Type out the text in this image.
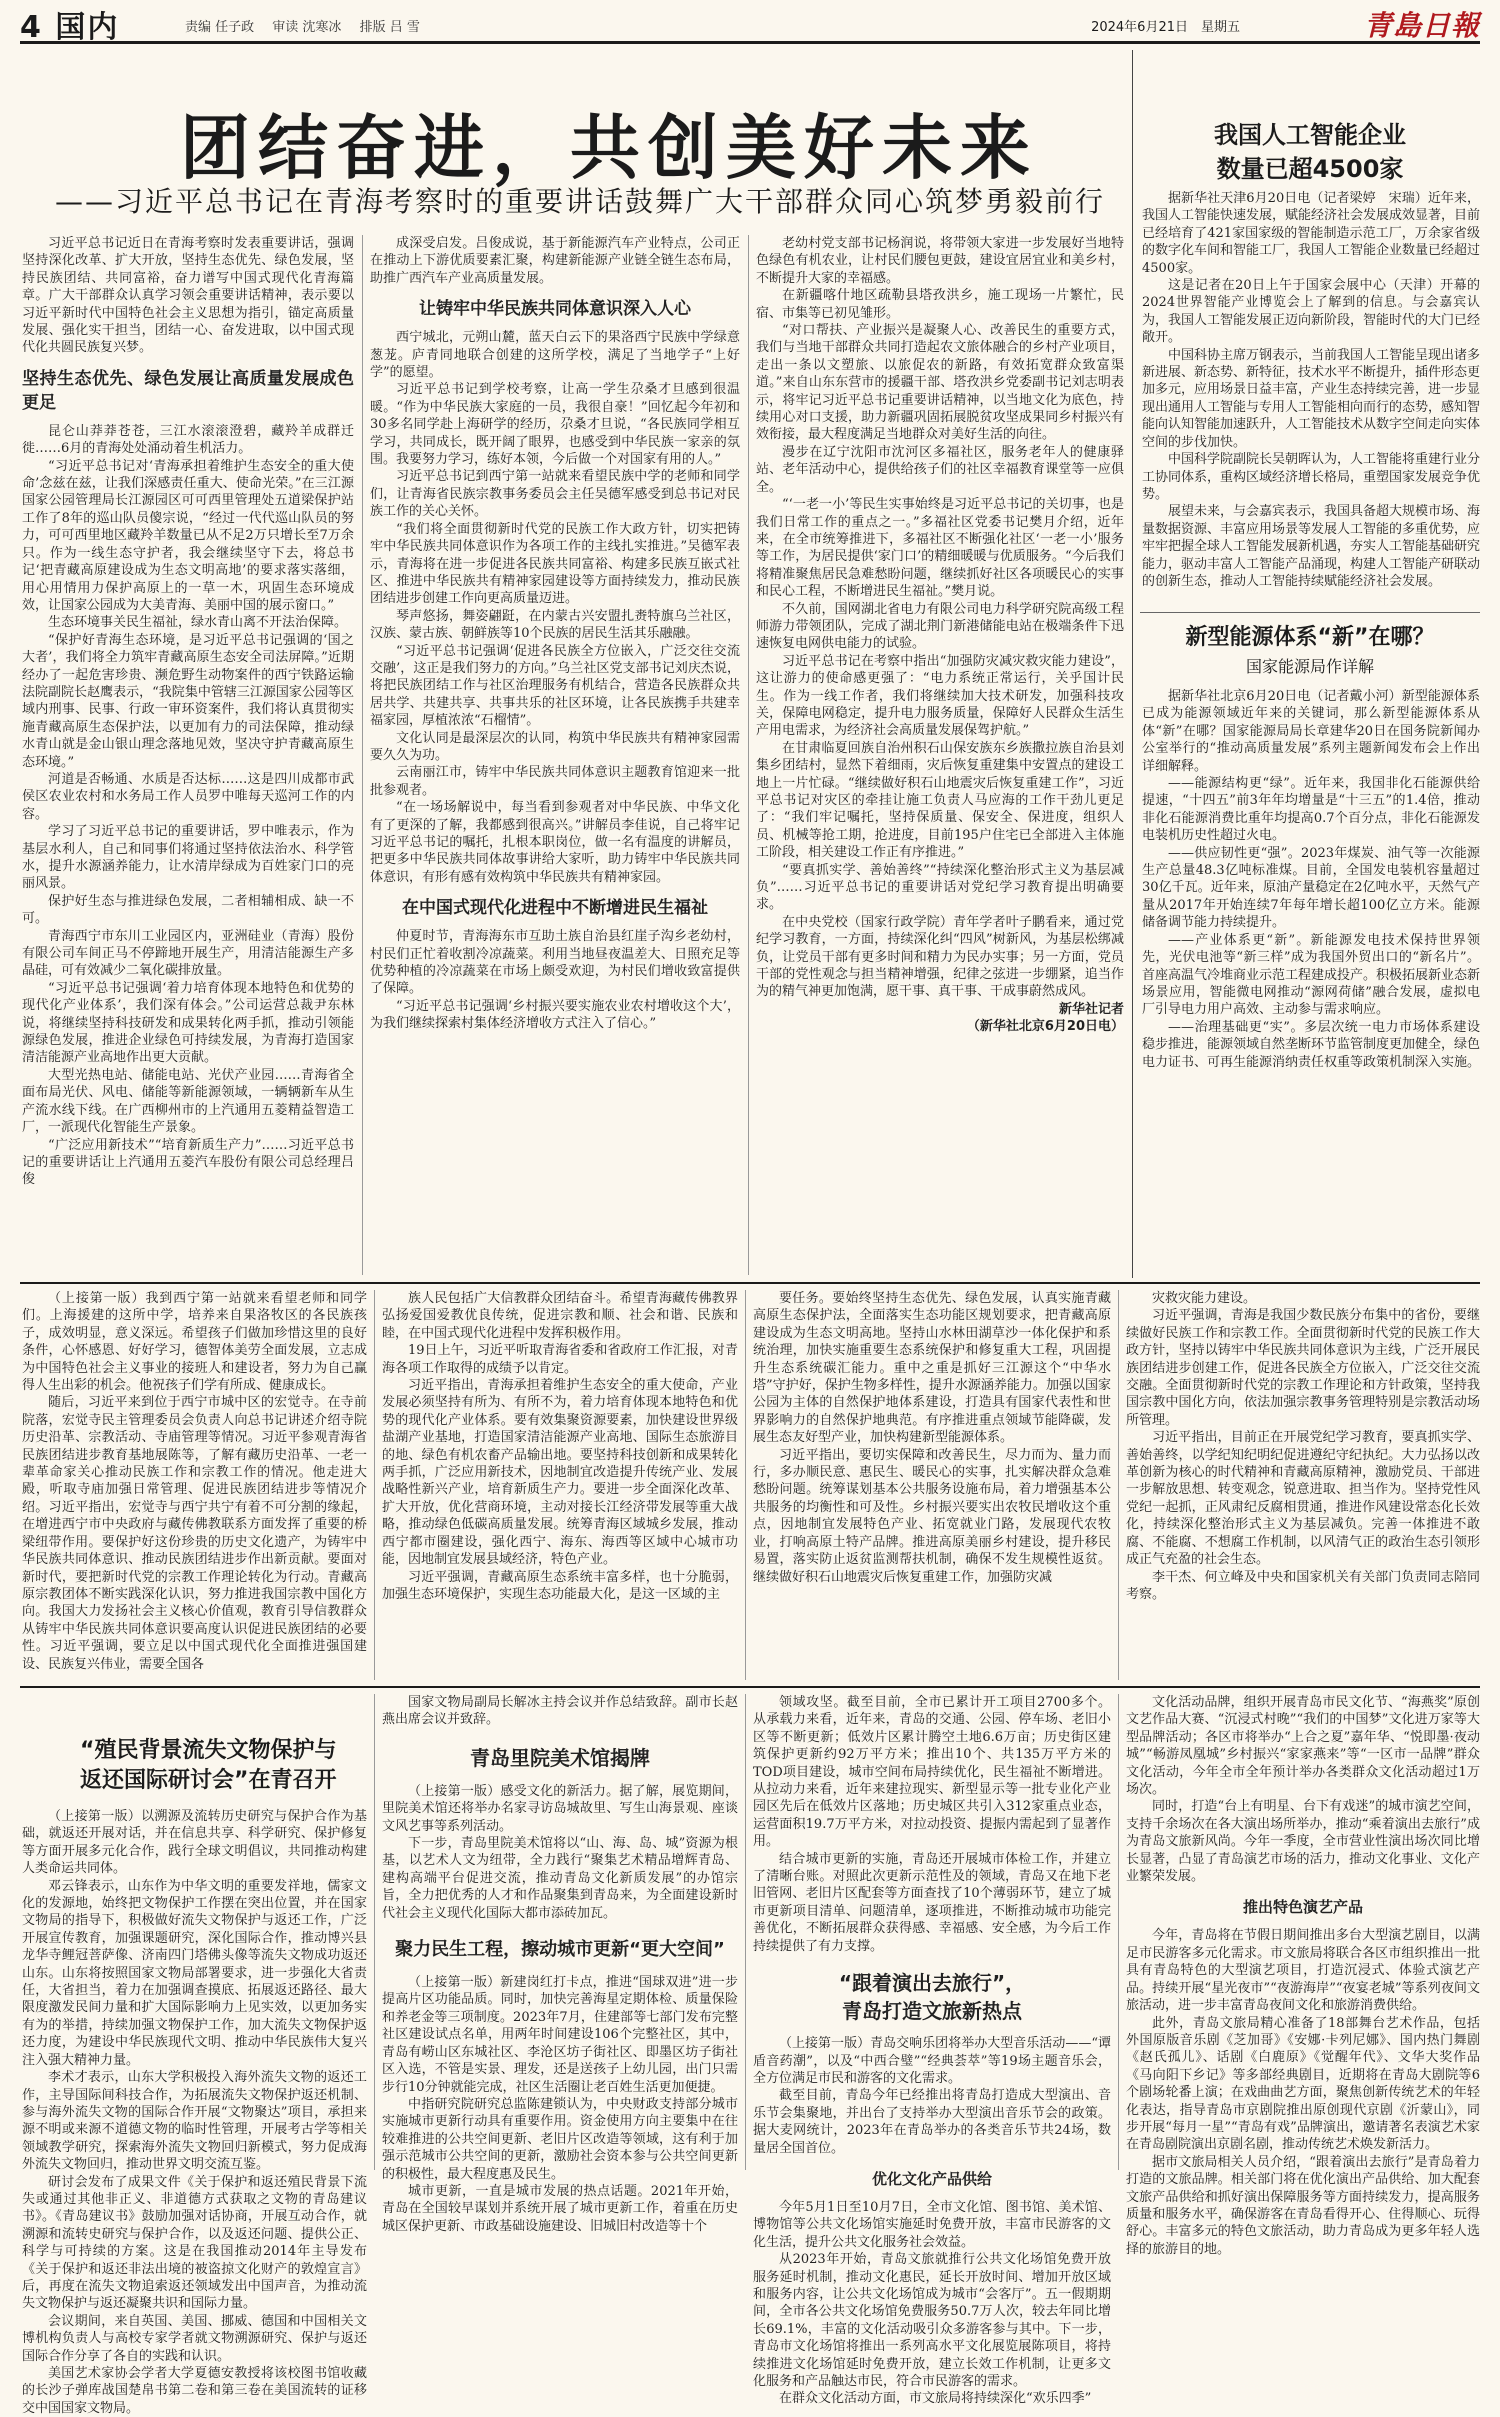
4 国内	责编 任子政 审读 沈寒冰 排版 吕 雪	2024年6月21日　星期五	青島日報
团结奋进，共创美好未来
——习近平总书记在青海考察时的重要讲话鼓舞广大干部群众同心筑梦勇毅前行

习近平总书记近日在青海考察时发表重要讲话，强调坚持深化改革、扩大开放，坚持生态优先、绿色发展，坚持民族团结、共同富裕，奋力谱写中国式现代化青海篇章。广大干部群众认真学习领会重要讲话精神，表示要以习近平新时代中国特色社会主义思想为指引，锚定高质量发展、强化实干担当，团结一心、奋发进取，以中国式现代化共圆民族复兴梦。

坚持生态优先、绿色发展让高质量发展成色更足

昆仑山莽莽苍苍，三江水滚滚澄碧，藏羚羊成群迁徙……6月的青海处处涌动着生机活力。

“习近平总书记对‘青海承担着维护生态安全的重大使命’念兹在兹，让我们深感责任重大、使命光荣。”在三江源国家公园管理局长江源园区可可西里管理处五道梁保护站工作了8年的巡山队员傻宗说，“经过一代代巡山队员的努力，可可西里地区藏羚羊数量已从不足2万只增长至7万余只。作为一线生态守护者，我会继续坚守下去，将总书记‘把青藏高原建设成为生态文明高地’的要求落实落细，用心用情用力保护高原上的一草一木，巩固生态环境成效，让国家公园成为大美青海、美丽中国的展示窗口。”

生态环境事关民生福祉，绿水青山离不开法治保障。

“保护好青海生态环境，是习近平总书记强调的‘国之大者’，我们将全力筑牢青藏高原生态安全司法屏障。”近期经办了一起危害珍贵、濒危野生动物案件的西宁铁路运输法院副院长赵鹰表示，“我院集中管辖三江源国家公园等区域内刑事、民事、行政一审环资案件，我们将认真贯彻实施青藏高原生态保护法，以更加有力的司法保障，推动绿水青山就是金山银山理念落地见效，坚决守护青藏高原生态环境。”

河道是否畅通、水质是否达标……这是四川成都市武侯区农业农村和水务局工作人员罗中唯每天巡河工作的内容。

学习了习近平总书记的重要讲话，罗中唯表示，作为基层水利人，自己和同事们将通过坚持依法治水、科学管水，提升水源涵养能力，让水清岸绿成为百姓家门口的亮丽风景。

保护好生态与推进绿色发展，二者相辅相成、缺一不可。

青海西宁市东川工业园区内，亚洲硅业（青海）股份有限公司车间正马不停蹄地开展生产，用清洁能源生产多晶硅，可有效减少二氧化碳排放量。

“习近平总书记强调‘着力培育体现本地特色和优势的现代化产业体系’，我们深有体会。”公司运营总裁尹东林说，将继续坚持科技研发和成果转化两手抓，推动引领能源绿色发展，推进企业绿色可持续发展，为青海打造国家清洁能源产业高地作出更大贡献。

大型光热电站、储能电站、光伏产业园……青海省全面布局光伏、风电、储能等新能源领域，一辆辆新车从生产流水线下线。在广西柳州市的上汽通用五菱精益智造工厂，一派现代化智能生产景象。

“广泛应用新技术”“培育新质生产力”……习近平总书记的重要讲话让上汽通用五菱汽车股份有限公司总经理吕俊

成深受启发。吕俊成说，基于新能源汽车产业特点，公司正在推动上下游优质要素汇聚，构建新能源产业链全链生态布局，助推广西汽车产业高质量发展。

让铸牢中华民族共同体意识深入人心

西宁城北，元朔山麓，蓝天白云下的果洛西宁民族中学绿意葱茏。庐青同地联合创建的这所学校，满足了当地学子“上好学”的愿望。

习近平总书记到学校考察，让高一学生尕桑才旦感到很温暖。“作为中华民族大家庭的一员，我很自豪！”回忆起今年初和30多名同学赴上海研学的经历，尕桑才旦说，“各民族同学相互学习，共同成长，既开阔了眼界，也感受到中华民族一家亲的氛围。我要努力学习，练好本领，今后做一个对国家有用的人。”

习近平总书记到西宁第一站就来看望民族中学的老师和同学们，让青海省民族宗教事务委员会主任吴德军感受到总书记对民族工作的关心关怀。

“我们将全面贯彻新时代党的民族工作大政方针，切实把铸牢中华民族共同体意识作为各项工作的主线扎实推进。”吴德军表示，青海将在进一步促进各民族共同富裕、构建多民族互嵌式社区、推进中华民族共有精神家园建设等方面持续发力，推动民族团结进步创建工作向更高质量迈进。

琴声悠扬，舞姿翩跹，在内蒙古兴安盟扎赉特旗乌兰社区，汉族、蒙古族、朝鲜族等10个民族的居民生活其乐融融。

“习近平总书记强调‘促进各民族全方位嵌入，广泛交往交流交融’，这正是我们努力的方向。”乌兰社区党支部书记刘庆杰说，将把民族团结工作与社区治理服务有机结合，营造各民族群众共居共学、共建共享、共事共乐的社区环境，让各民族携手共建幸福家园，厚植浓浓“石榴情”。

文化认同是最深层次的认同，构筑中华民族共有精神家园需要久久为功。

云南丽江市，铸牢中华民族共同体意识主题教育馆迎来一批批参观者。

“在一场场解说中，每当看到参观者对中华民族、中华文化有了更深的了解，我都感到很高兴。”讲解员李佳说，自己将牢记习近平总书记的嘱托，扎根本职岗位，做一名有温度的讲解员，把更多中华民族共同体故事讲给大家听，助力铸牢中华民族共同体意识，有形有感有效构筑中华民族共有精神家园。

在中国式现代化进程中不断增进民生福祉

仲夏时节，青海海东市互助土族自治县红崖子沟乡老幼村，村民们正忙着收割冷凉蔬菜。利用当地昼夜温差大、日照充足等优势种植的冷凉蔬菜在市场上颇受欢迎，为村民们增收致富提供了保障。

“习近平总书记强调‘乡村振兴要实施农业农村增收这个大’，为我们继续探索村集体经济增收方式注入了信心。”

老幼村党支部书记杨润说，将带领大家进一步发展好当地特色绿色有机农业，让村民们腰包更鼓，建设宜居宜业和美乡村，不断提升大家的幸福感。

在新疆喀什地区疏勒县塔孜洪乡，施工现场一片繁忙，民宿、市集等已初见雏形。

“对口帮扶、产业振兴是凝聚人心、改善民生的重要方式，我们与当地干部群众共同打造起农文旅体融合的乡村产业项目，走出一条以文塑旅、以旅促农的新路，有效拓宽群众致富渠道。”来自山东东营市的援疆干部、塔孜洪乡党委副书记刘志明表示，将牢记习近平总书记重要讲话精神，以当地文化为底色，持续用心对口支援，助力新疆巩固拓展脱贫攻坚成果同乡村振兴有效衔接，最大程度满足当地群众对美好生活的向往。

漫步在辽宁沈阳市沈河区多福社区，服务老年人的健康驿站、老年活动中心，提供给孩子们的社区幸福教育课堂等一应俱全。

“‘一老一小’等民生实事始终是习近平总书记的关切事，也是我们日常工作的重点之一。”多福社区党委书记樊月介绍，近年来，在全市统筹推进下，多福社区不断强化社区‘一老一小’服务等工作，为居民提供‘家门口’的精细暖暖与优质服务。“今后我们将精准聚焦居民急难愁盼问题，继续抓好社区各项暖民心的实事和民心工程，不断增进民生福祉。”樊月说。

不久前，国网湖北省电力有限公司电力科学研究院高级工程师游力带领团队，完成了湖北荆门新港储能电站在极端条件下迅速恢复电网供电能力的试验。

习近平总书记在考察中指出“加强防灾减灾救灾能力建设”，这让游力的使命感更强了：“电力系统正常运行，关乎国计民生。作为一线工作者，我们将继续加大技术研发，加强科技攻关，保障电网稳定，提升电力服务质量，保障好人民群众生活生产用电需求，为经济社会高质量发展保驾护航。”

在甘肃临夏回族自治州积石山保安族东乡族撒拉族自治县刘集乡团结村，显然下着细雨，灾后恢复重建集中安置点的建设工地上一片忙碌。“继续做好积石山地震灾后恢复重建工作”，习近平总书记对灾区的牵挂让施工负责人马应海的工作干劲儿更足了：“我们牢记嘱托，坚持保质量、保安全、保进度，组织人员、机械等抢工期，抢进度，目前195户住宅已全部进入主体施工阶段，相关建设工作正有序推进。”

“要真抓实学、善始善终”“持续深化整治形式主义为基层减负”……习近平总书记的重要讲话对党纪学习教育提出明确要求。

在中央党校（国家行政学院）青年学者叶子鹏看来，通过党纪学习教育，一方面，持续深化纠“四风”树新风，为基层松绑减负，让党员干部有更多时间和精力为民办实事；另一方面，党员干部的党性观念与担当精神增强，纪律之弦进一步绷紧，追当作为的精气神更加饱满，愿干事、真干事、干成事蔚然成风。

新华社记者

（新华社北京6月20日电）

我国人工智能企业
数量已超4500家

据新华社天津6月20日电（记者梁婷　宋瑞）近年来，我国人工智能快速发展，赋能经济社会发展成效显著，目前已经培育了421家国家级的智能制造示范工厂，万余家省级的数字化车间和智能工厂，我国人工智能企业数量已经超过4500家。

这是记者在20日上午于国家会展中心（天津）开幕的2024世界智能产业博览会上了解到的信息。与会嘉宾认为，我国人工智能发展正迈向新阶段，智能时代的大门已经敞开。

中国科协主席万钢表示，当前我国人工智能呈现出诸多新进展、新态势、新特征，技术水平不断提升，插件形态更加多元，应用场景日益丰富，产业生态持续完善，进一步显现出通用人工智能与专用人工智能相向而行的态势，感知智能向认知智能加速跃升，人工智能技术从数字空间走向实体空间的步伐加快。

中国科学院副院长吴朝晖认为，人工智能将重建行业分工协同体系，重构区域经济增长格局，重塑国家发展竞争优势。

展望未来，与会嘉宾表示，我国具备超大规模市场、海量数据资源、丰富应用场景等发展人工智能的多重优势，应牢牢把握全球人工智能发展新机遇，夯实人工智能基础研究能力，驱动丰富人工智能产品涌现，构建人工智能产研联动的创新生态，推动人工智能持续赋能经济社会发展。

新型能源体系“新”在哪？
国家能源局作详解

据新华社北京6月20日电（记者戴小河）新型能源体系已成为能源领域近年来的关键词，那么新型能源体系从体“新”在哪？国家能源局局长章建华20日在国务院新闻办公室举行的“推动高质量发展”系列主题新闻发布会上作出详细解释。

——能源结构更“绿”。近年来，我国非化石能源供给提速，“十四五”前3年年均增量是“十三五”的1.4倍，推动非化石能源消费比重年均提高0.7个百分点，非化石能源发电装机历史性超过火电。

——供应韧性更“强”。2023年煤炭、油气等一次能源生产总量48.3亿吨标准煤。目前，全国发电装机容量超过30亿千瓦。近年来，原油产量稳定在2亿吨水平，天然气产量从2017年开始连续7年每年增长超100亿立方米。能源储备调节能力持续提升。

——产业体系更“新”。新能源发电技术保持世界领先，光伏电池等“新三样”成为我国外贸出口的“新名片”。首座高温气冷堆商业示范工程建成投产。积极拓展新业态新场景应用，智能微电网推动“源网荷储”融合发展，虚拟电厂引导电力用户高效、主动参与需求响应。

——治理基础更“实”。多层次统一电力市场体系建设稳步推进，能源领域自然垄断环节监管制度更加健全，绿色电力证书、可再生能源消纳责任权重等政策机制深入实施。

（上接第一版）我到西宁第一站就来看望老师和同学们。上海援建的这所中学，培养来自果洛牧区的各民族孩子，成效明显，意义深远。希望孩子们做加珍惜这里的良好条件，心怀感恩、好好学习，德智体美劳全面发展，立志成为中国特色社会主义事业的接班人和建设者，努力为自己赢得人生出彩的机会。他祝孩子们学有所成、健康成长。

随后，习近平来到位于西宁市城中区的宏觉寺。在寺前院落，宏觉寺民主管理委员会负责人向总书记讲述介绍寺院历史沿革、宗教活动、寺庙管理等情况。习近平参观青海省民族团结进步教育基地展陈等，了解有藏历史沿革、一老一辈革命家关心推动民族工作和宗教工作的情况。他走进大殿，听取寺庙加强日常管理、促进民族团结进步等情况介绍。习近平指出，宏觉寺与西宁共宁有着不可分割的缘起，在增进西宁市中央政府与藏传佛教联系方面发挥了重要的桥梁纽带作用。要保护好这份珍贵的历史文化遗产，为铸牢中华民族共同体意识、推动民族团结进步作出新贡献。要面对新时代，要把新时代党的宗教工作理论转化为行动。青藏高原宗教团体不断实践深化认识，努力推进我国宗教中国化方向。我国大力发扬社会主义核心价值观，教育引导信教群众从铸牢中华民族共同体意识要高度认识促进民族团结的必要性。习近平强调，要立足以中国式现代化全面推进强国建设、民族复兴伟业，需要全国各

族人民包括广大信教群众团结奋斗。希望青海藏传佛教界弘扬爱国爱教优良传统，促进宗教和顺、社会和谐、民族和睦，在中国式现代化进程中发挥积极作用。

19日上午，习近平听取青海省委和省政府工作汇报，对青海各项工作取得的成绩予以肯定。

习近平指出，青海承担着维护生态安全的重大使命，产业发展必须坚持有所为、有所不为，着力培育体现本地特色和优势的现代化产业体系。要有效集聚资源要素，加快建设世界级盐湖产业基地，打造国家清洁能源产业高地、国际生态旅游目的地、绿色有机农畜产品输出地。要坚持科技创新和成果转化两手抓，广泛应用新技术，因地制宜改造提升传统产业、发展战略性新兴产业，培育新质生产力。要进一步全面深化改革、扩大开放，优化营商环境，主动对接长江经济带发展等重大战略，推动绿色低碳高质量发展。统筹青海区域城乡发展，推动西宁都市圈建设，强化西宁、海东、海西等区域中心城市功能，因地制宜发展县域经济，特色产业。

习近平强调，青藏高原生态系统丰富多样，也十分脆弱，加强生态环境保护，实现生态功能最大化，是这一区域的主

要任务。要始终坚持生态优先、绿色发展，认真实施青藏高原生态保护法，全面落实生态功能区规划要求，把青藏高原建设成为生态文明高地。坚持山水林田湖草沙一体化保护和系统治理，加快实施重要生态系统保护和修复重大工程，巩固提升生态系统碳汇能力。重中之重是抓好三江源这个“中华水塔”守护好，保护生物多样性，提升水源涵养能力。加强以国家公园为主体的自然保护地体系建设，打造具有国家代表性和世界影响力的自然保护地典范。有序推进重点领域节能降碳，发展生态友好型产业，加快构建新型能源体系。

习近平指出，要切实保障和改善民生，尽力而为、量力而行，多办顺民意、惠民生、暖民心的实事，扎实解决群众急难愁盼问题。统筹谋划基本公共服务设施布局，着力增强基本公共服务的均衡性和可及性。乡村振兴要实出农牧民增收这个重点，因地制宜发展特色产业、拓宽就业门路，发展现代农牧业，打响高原土特产品牌。推进高原美丽乡村建设，提升移民易置，落实防止返贫监测帮扶机制，确保不发生规模性返贫。继续做好积石山地震灾后恢复重建工作，加强防灾减

灾救灾能力建设。

习近平强调，青海是我国少数民族分布集中的省份，要继续做好民族工作和宗教工作。全面贯彻新时代党的民族工作大政方针，坚持以铸牢中华民族共同体意识为主线，广泛开展民族团结进步创建工作，促进各民族全方位嵌入，广泛交往交流交融。全面贯彻新时代党的宗教工作理论和方针政策，坚持我国宗教中国化方向，依法加强宗教事务管理特别是宗教活动场所管理。

习近平指出，目前正在开展党纪学习教育，要真抓实学、善始善终，以学纪知纪明纪促进遵纪守纪执纪。大力弘扬以改革创新为核心的时代精神和青藏高原精神，激励党员、干部进一步解放思想、转变观念，锐意进取、担当作为。坚持党性风党纪一起抓，正风肃纪反腐相贯通，推进作风建设常态化长效化，持续深化整治形式主义为基层减负。完善一体推进不敢腐、不能腐、不想腐工作机制，以风清气正的政治生态引领形成正气充盈的社会生态。

李干杰、何立峰及中央和国家机关有关部门负责同志陪同考察。

“殖民背景流失文物保护与
返还国际研讨会”在青召开

（上接第一版）以溯源及流转历史研究与保护合作为基础，就返还开展对话，并在信息共享、科学研究、保护修复等方面开展多元化合作，践行全球文明倡议，共同推动构建人类命运共同体。

邓云锋表示，山东作为中华文明的重要发祥地，儒家文化的发源地，始终把文物保护工作摆在突出位置，并在国家文物局的指导下，积极做好流失文物保护与返还工作，广泛开展宣传教育，加强课题研究，深化国际合作，推动博兴县龙华寺鲤冠菩萨像、济南四门塔佛头像等流失文物成功返还山东。山东将按照国家文物局部署要求，进一步强化大省责任，大省担当，着力在加强调查摸底、拓展返还路径、最大限度激发民间力量和扩大国际影响力上见实效，以更加务实有为的举措，持续加强文物保护工作，加大流失文物保护返还力度，为建设中华民族现代文明、推动中华民族伟大复兴注入强大精神力量。

李术才表示，山东大学积极投入海外流失文物的返还工作，主导国际间科技合作，为拓展流失文物保护返还机制、参与海外流失文物的国际合作开展“文物聚达”项目，承担来源不明或来源不道德文物的临时性管理，开展考古学等相关领域教学研究，探索海外流失文物回归新模式，努力促成海外流失文物回归，推动世界文明交流互鉴。

研讨会发布了成果文件《关于保护和返还殖民背景下流失或通过其他非正义、非道德方式获取之文物的青岛建议书》。《青岛建议书》鼓励加强对话协商，开展互动合作，就溯源和流转史研究与保护合作，以及返还问题、提供公正、科学与可持续的方案。这是在我国推动2014年主导发布《关于保护和返还非法出境的被盗掠文化财产的敦煌宣言》后，再度在流失文物追索返还领域发出中国声音，为推动流失文物保护与返还凝聚共识和国际力量。

会议期间，来自英国、美国、挪威、德国和中国相关文博机构负责人与高校专家学者就文物溯源研究、保护与返还国际合作分享了各自的实践和认识。

美国艺术家协会学者大学夏德安教授将该校图书馆收藏的长沙子弹库战国楚帛书第二卷和第三卷在美国流转的证移交中国国家文物局。

国家文物局副局长解冰主持会议并作总结致辞。副市长赵燕出席会议并致辞。

青岛里院美术馆揭牌

（上接第一版）感受文化的新活力。据了解，展览期间，里院美术馆还将举办名家寻访岛城故里、写生山海景观、座谈文风艺事等系列活动。

下一步，青岛里院美术馆将以“山、海、岛、城”资源为根基，以艺术人文为纽带，全力践行“聚集艺术精品增辉青岛、建构高端平台促进交流，推动青岛文化新质发展”的办馆宗旨，全力把优秀的人才和作品聚集到青岛来，为全面建设新时代社会主义现代化国际大都市添砖加瓦。

聚力民生工程，擦动城市更新“更大空间”

（上接第一版）新建岗红打卡点，推进“国球双进”进一步提高片区功能品质。同时，加快完善海星定期体检、质量保险和养老金等三项制度。2023年7月，住建部等七部门发布完整社区建设试点名单，用两年时间建设106个完整社区，其中，青岛有崂山区东城社区、李沧区坊子街社区、即墨区坊子街社区入选，不管是实景、理发，还是送孩子上幼儿园，出门只需步行10分钟就能完成，社区生活圈让老百姓生活更加便捷。

中指研究院研究总监陈建锁认为，中央财政支持部分城市实施城市更新行动具有重要作用。资金使用方向主要集中在往较难推进的公共空间更新、老旧片区改造等领域，这有利于加强示范城市公共空间的更新，激励社会资本参与公共空间更新的积极性，最大程度惠及民生。

城市更新，一直是城市发展的热点话题。2021年开始，青岛在全国较早谋划并系统开展了城市更新工作，着重在历史城区保护更新、市政基础设施建设、旧城旧村改造等十个

领域攻坚。截至目前，全市已累计开工项目2700多个。从承载力来看，近年来，青岛的交通、公园、停车场、老旧小区等不断更新；低效片区累计腾空土地6.6万亩；历史街区建筑保护更新约92万平方米；推出10个、共135万平方米的TOD项目建设，城市空间布局持续优化，民生福祉不断增进。从拉动力来看，近年来建拉现实、新型显示等一批专业化产业园区先后在低效片区落地；历史城区共引入312家重点业态，运营面积19.7万平方米，对拉动投资、提振内需起到了显著作用。

结合城市更新的实施，青岛还开展城市体检工作，并建立了清晰台账。对照此次更新示范性及的领域，青岛又在地下老旧管网、老旧片区配套等方面查找了10个薄弱环节，建立了城市更新项目清单、问题清单，逐项推进，不断推动城市功能完善优化，不断拓展群众获得感、幸福感、安全感，为今后工作持续提供了有力支撑。

“跟着演出去旅行”，
青岛打造文旅新热点

（上接第一版）青岛交响乐团将举办大型音乐活动——“谭盾音药潮”，以及“中西合璧”“经典荟萃”等19场主题音乐会，全方位满足市民和游客的文化需求。

截至目前，青岛今年已经推出将青岛打造成大型演出、音乐节会集聚地，并出台了支持举办大型演出音乐节会的政策。据大麦网统计，2023年在青岛举办的各类音乐节共24场，数量居全国首位。

优化文化产品供给

今年5月1日至10月7日，全市文化馆、图书馆、美术馆、博物馆等公共文化场馆实施延时免费开放，丰富市民游客的文化生活，提升公共文化服务社会效益。

从2023年开始，青岛文旅就推行公共文化场馆免费开放服务延时机制，推动文化惠民，延长开放时间、增加开放区域和服务内容，让公共文化场馆成为城市“会客厅”。五一假期期间，全市各公共文化场馆免费服务50.7万人次，较去年同比增长69.1%，丰富的文化活动吸引众多游客参与其中。下一步，青岛市文化场馆将推出一系列高水平文化展览展陈项目，将持续推进文化场馆延时免费开放，建立长效工作机制，让更多文化服务和产品触达市民，符合市民游客的需求。

在群众文化活动方面，市文旅局将持续深化“欢乐四季”

文化活动品牌，组织开展青岛市民文化节、“海燕奖”原创文艺作品大赛、“沉浸式村晚”“我们的中国梦”文化进万家等大型品牌活动；各区市将举办“上合之夏”嘉年华、“悦即墨·夜动城”“畅游凤凰城”乡村振兴“家家燕来”等“一区市一品牌”群众文化活动，今年全市全年预计举办各类群众文化活动超过1万场次。

同时，打造“台上有明星、台下有戏迷”的城市演艺空间，支持千余场次在各大演出场所举办，推动“乘着演出去旅行”成为青岛文旅新风尚。今年一季度，全市营业性演出场次同比增长显著，凸显了青岛演艺市场的活力，推动文化事业、文化产业繁荣发展。

推出特色演艺产品

今年，青岛将在节假日期间推出多台大型演艺剧目，以满足市民游客多元化需求。市文旅局将联合各区市组织推出一批具有青岛特色的大型演艺项目，打造沉浸式、体验式演艺产品。持续开展“星光夜市”“夜游海岸”“夜宴老城”等系列夜间文旅活动，进一步丰富青岛夜间文化和旅游消费供给。

此外，青岛文旅局精心准备了18部舞台艺术作品，包括外国原版音乐剧《芝加哥》《安娜·卡列尼娜》、国内热门舞剧《赵氏孤儿》、话剧《白鹿原》《觉醒年代》、文华大奖作品《马向阳下乡记》等多部经典剧目，近期将在青岛大剧院等6个剧场轮番上演；在戏曲曲艺方面，聚焦创新传统艺术的年轻化表达，指导青岛市京剧院推出原创现代京剧《沂蒙山》，同步开展“每月一星”“青岛有戏”品牌演出，邀请著名表演艺术家在青岛剧院演出京剧名剧，推动传统艺术焕发新活力。

据市文旅局相关人员介绍，“跟着演出去旅行”是青岛着力打造的文旅品牌。相关部门将在优化演出产品供给、加大配套文旅产品供给和抓好演出保障服务等方面持续发力，提高服务质量和服务水平，确保游客在青岛看得开心、住得顺心、玩得舒心。丰富多元的特色文旅活动，助力青岛成为更多年轻人选择的旅游目的地。
